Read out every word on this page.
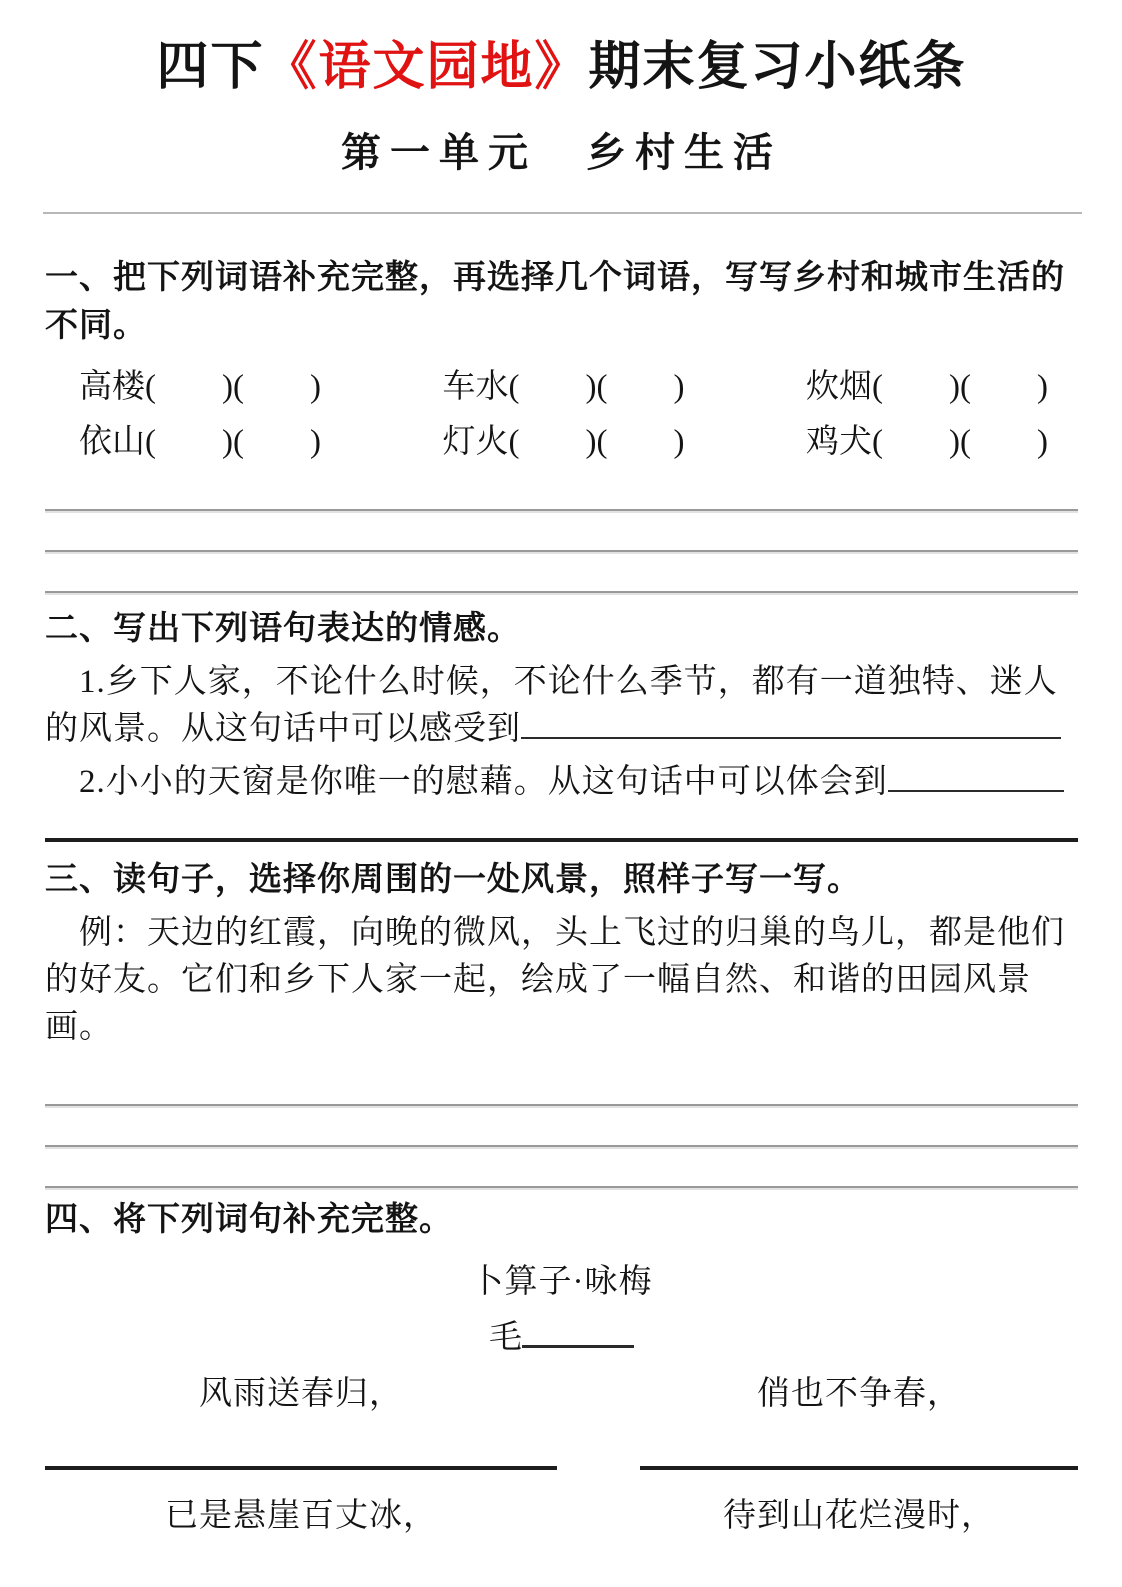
四下《语文园地》期末复习小纸条
第一单元　乡村生活

一、把下列词语补充完整，再选择几个词语，写写乡村和城市生活的不同。

高楼(　　)(　　)	车水(　　)(　　)	炊烟(　　)(　　)
依山(　　)(　　)	灯火(　　)(　　)	鸡犬(　　)(　　)

二、写出下列语句表达的情感。

1.乡下人家，不论什么时候，不论什么季节，都有一道独特、迷人的风景。从这句话中可以感受到

2.小小的天窗是你唯一的慰藉。从这句话中可以体会到

三、读句子，选择你周围的一处风景，照样子写一写。

例：天边的红霞，向晚的微风，头上飞过的归巢的鸟儿，都是他们的好友。它们和乡下人家一起，绘成了一幅自然、和谐的田园风景画。

四、将下列词句补充完整。

卜算子·咏梅

毛

风雨送春归，

已是悬崖百丈冰，

俏也不争春，

待到山花烂漫时，
